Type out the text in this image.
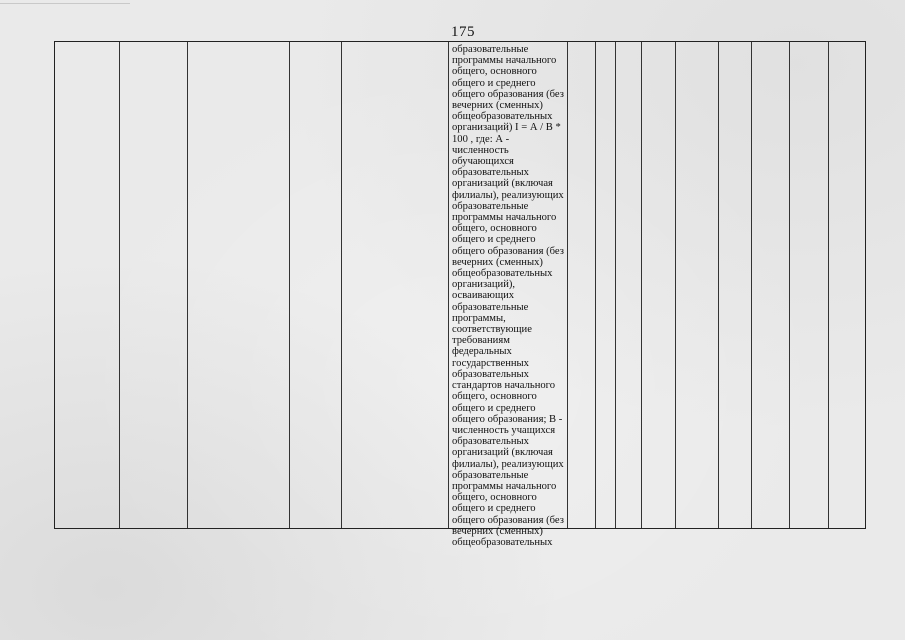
175
образовательные
программы начального
общего, основного
общего и среднего
общего образования (без
вечерних (сменных)
общеобразовательных
организаций) I = А / В *
100 , где: А - численность
обучающихся
образовательных
организаций (включая
филиалы), реализующих
образовательные
программы начального
общего, основного
общего и среднего
общего образования (без
вечерних (сменных)
общеобразовательных
организаций),
осваивающих
образовательные
программы,
соответствующие
требованиям
федеральных
государственных
образовательных
стандартов начального
общего, основного
общего и среднего
общего образования; В -
численность учащихся
образовательных
организаций (включая
филиалы), реализующих
образовательные
программы начального
общего, основного
общего и среднего
общего образования (без
вечерних (сменных)
общеобразовательных
